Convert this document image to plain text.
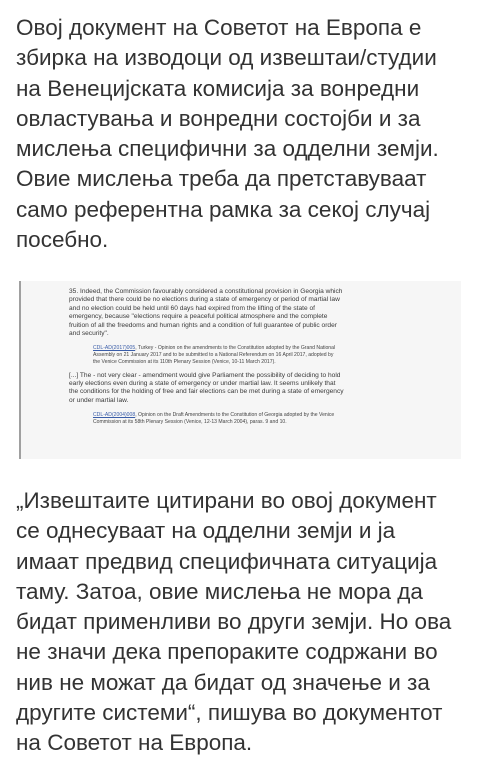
Овој документ на Советот на Европа е
збирка на изводоци од извештаи/студии
на Венецијската комисија за вонредни
овластувања и вонредни состојби и за
мислења специфични за одделни земји.
Овие мислења треба да претставуваат
само референтна рамка за секој случај
посебно.

35. Indeed, the Commission favourably considered a constitutional provision in Georgia which
provided that there could be no elections during a state of emergency or period of martial law
and no election could be held until 60 days had expired from the lifting of the state of
emergency, because "elections require a peaceful political atmosphere and the complete
fruition of all the freedoms and human rights and a condition of full guarantee of public order
and security".
CDL-AD(2017)005, Turkey - Opinion on the amendments to the Constitution adopted by the Grand National
Assembly on 21 January 2017 and to be submitted to a National Referendum on 16 April 2017, adopted by
the Venice Commission at its 110th Plenary Session (Venice, 10-11 March 2017).
[...] The - not very clear - amendment would give Parliament the possibility of deciding to hold
early elections even during a state of emergency or under martial law. It seems unlikely that
the conditions for the holding of free and fair elections can be met during a state of emergency
or under martial law.
CDL-AD(2004)008, Opinion on the Draft Amendments to the Constitution of Georgia adopted by the Venice
Commission at its 58th Plenary Session (Venice, 12-13 March 2004), paras. 9 and 10.

„Извештаите цитирани во овој документ
се однесуваат на одделни земји и ја
имаат предвид специфичната ситуација
таму. Затоа, овие мислења не мора да
бидат применливи во други земји. Но ова
не значи дека препораките содржани во
нив не можат да бидат од значење и за
другите системи“, пишува во документот
на Советот на Европа.
